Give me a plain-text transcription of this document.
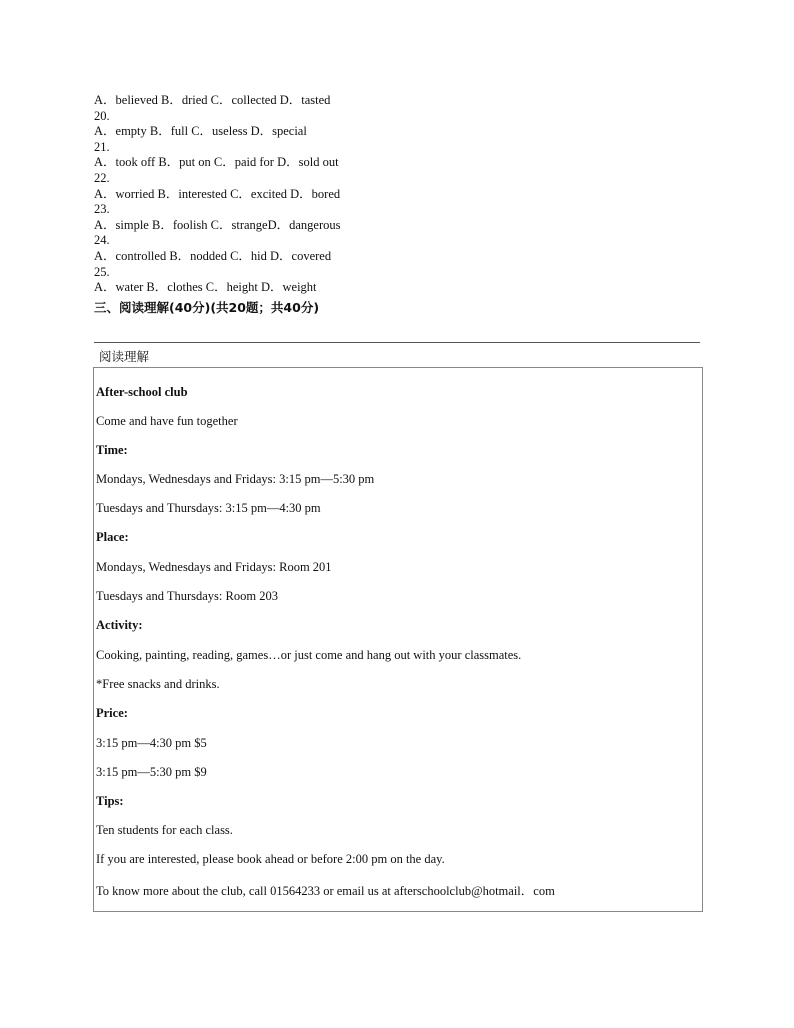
A．believed B．dried C．collected D．tasted
20.
A．empty B．full C．useless D．special
21.
A．took off B．put on C．paid for D．sold out
22.
A．worried B．interested C．excited D．bored
23.
A．simple B．foolish C．strangeD．dangerous
24.
A．controlled B．nodded C．hid D．covered
25.
A．water B．clothes C．height D．weight
三、阅读理解(40分)(共20题；共40分)
阅读理解
After-school club
Come and have fun together
Time:
Mondays, Wednesdays and Fridays: 3:15 pm—5:30 pm
Tuesdays and Thursdays: 3:15 pm—4:30 pm
Place:
Mondays, Wednesdays and Fridays: Room 201
Tuesdays and Thursdays: Room 203
Activity:
Cooking, painting, reading, games…or just come and hang out with your classmates.
*Free snacks and drinks.
Price:
3:15 pm—4:30 pm $5
3:15 pm—5:30 pm $9
Tips:
Ten students for each class.
If you are interested, please book ahead or before 2:00 pm on the day.
To know more about the club, call 01564233 or email us at afterschoolclub@hotmail．com
